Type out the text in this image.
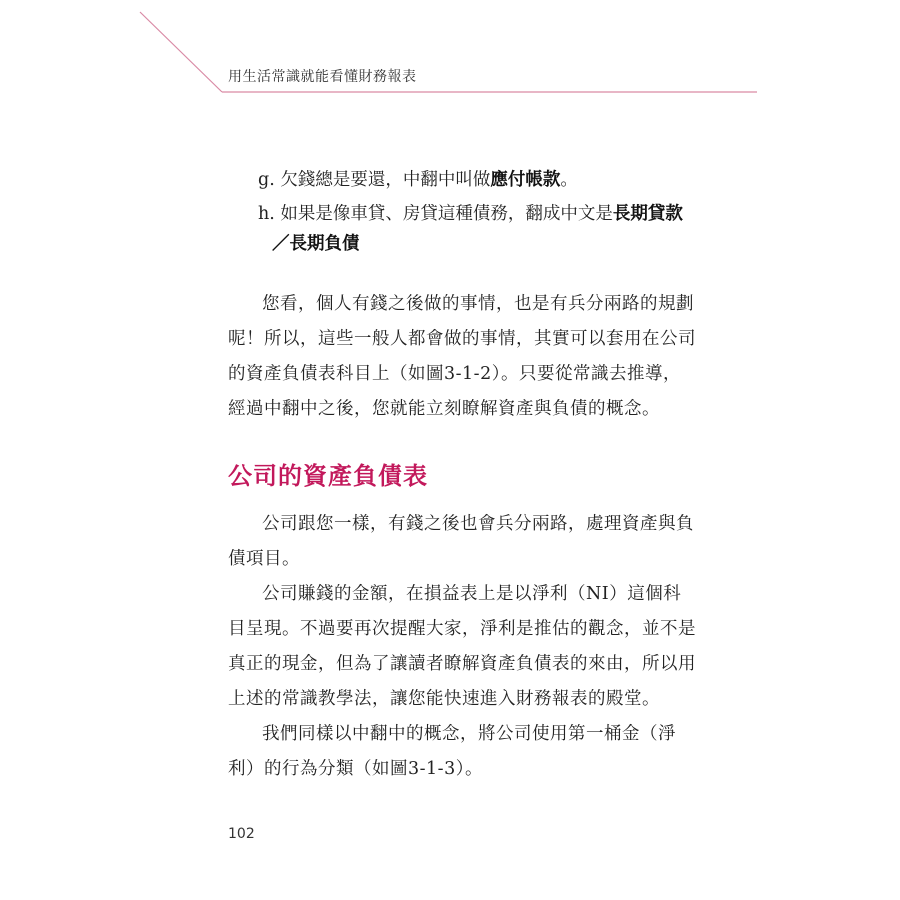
用生活常識就能看懂財務報表
g. 欠錢總是要還，中翻中叫做應付帳款。
h. 如果是像車貸、房貸這種債務，翻成中文是長期貸款
／長期負債

您看，個人有錢之後做的事情，也是有兵分兩路的規劃
呢！所以，這些一般人都會做的事情，其實可以套用在公司
的資產負債表科目上（如圖3-1-2）。只要從常識去推導，
經過中翻中之後，您就能立刻瞭解資產與負債的概念。

公司的資產負債表

公司跟您一樣，有錢之後也會兵分兩路，處理資產與負
債項目。

公司賺錢的金額，在損益表上是以淨利（NI）這個科
目呈現。不過要再次提醒大家，淨利是推估的觀念，並不是
真正的現金，但為了讓讀者瞭解資產負債表的來由，所以用
上述的常識教學法，讓您能快速進入財務報表的殿堂。

我們同樣以中翻中的概念，將公司使用第一桶金（淨
利）的行為分類（如圖3-1-3）。

102
